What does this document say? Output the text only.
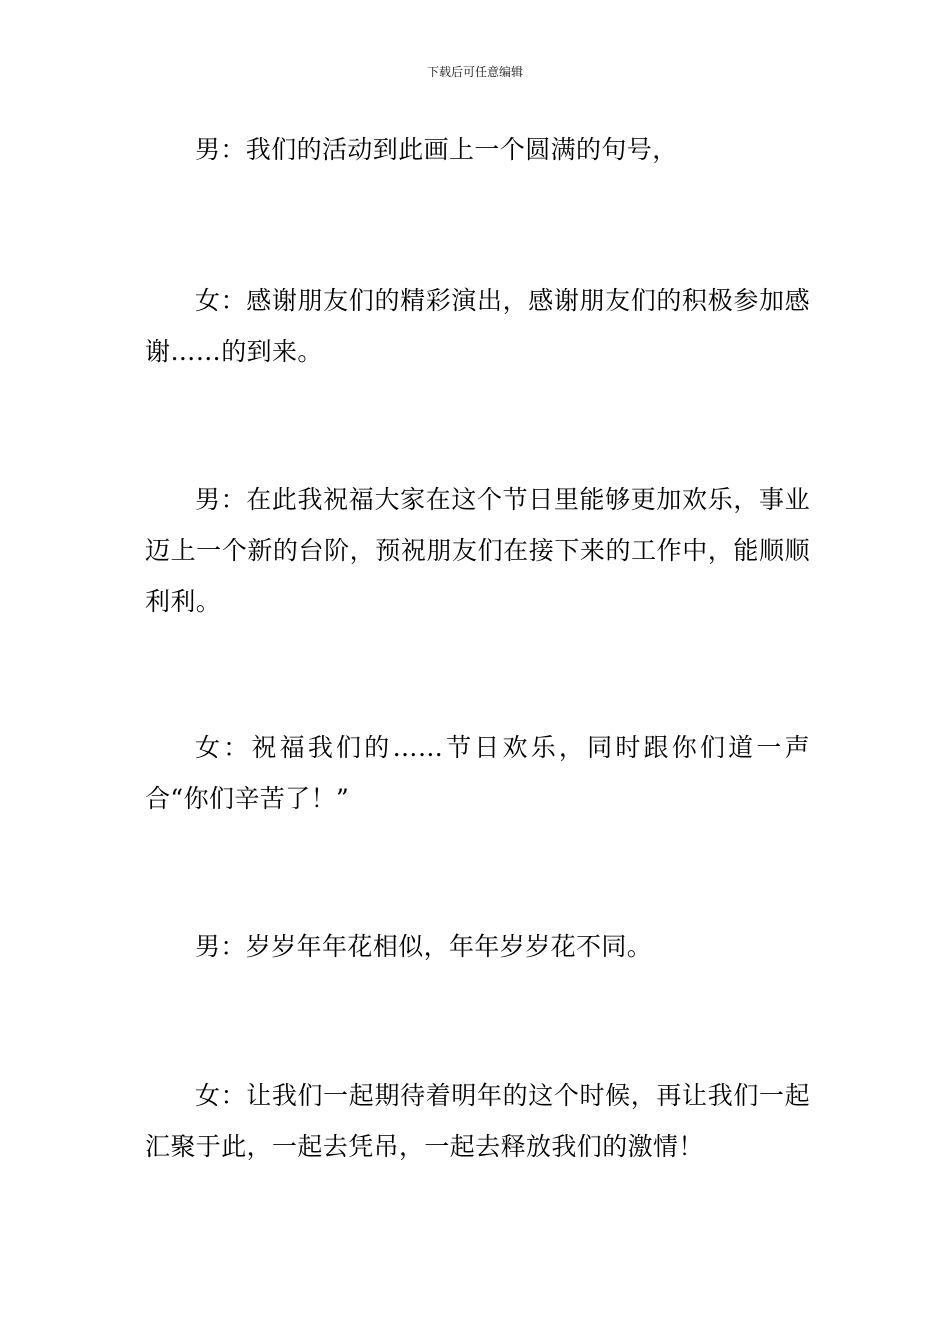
下载后可任意编辑

男：我们的活动到此画上一个圆满的句号，

女：感谢朋友们的精彩演出，感谢朋友们的积极参加感谢……的到来。

男：在此我祝福大家在这个节日里能够更加欢乐，事业迈上一个新的台阶，预祝朋友们在接下来的工作中，能顺顺利利。

女：祝福我们的……节日欢乐，同时跟你们道一声合“你们辛苦了！”

男：岁岁年年花相似，年年岁岁花不同。

女：让我们一起期待着明年的这个时候，再让我们一起汇聚于此，一起去凭吊，一起去释放我们的激情！
